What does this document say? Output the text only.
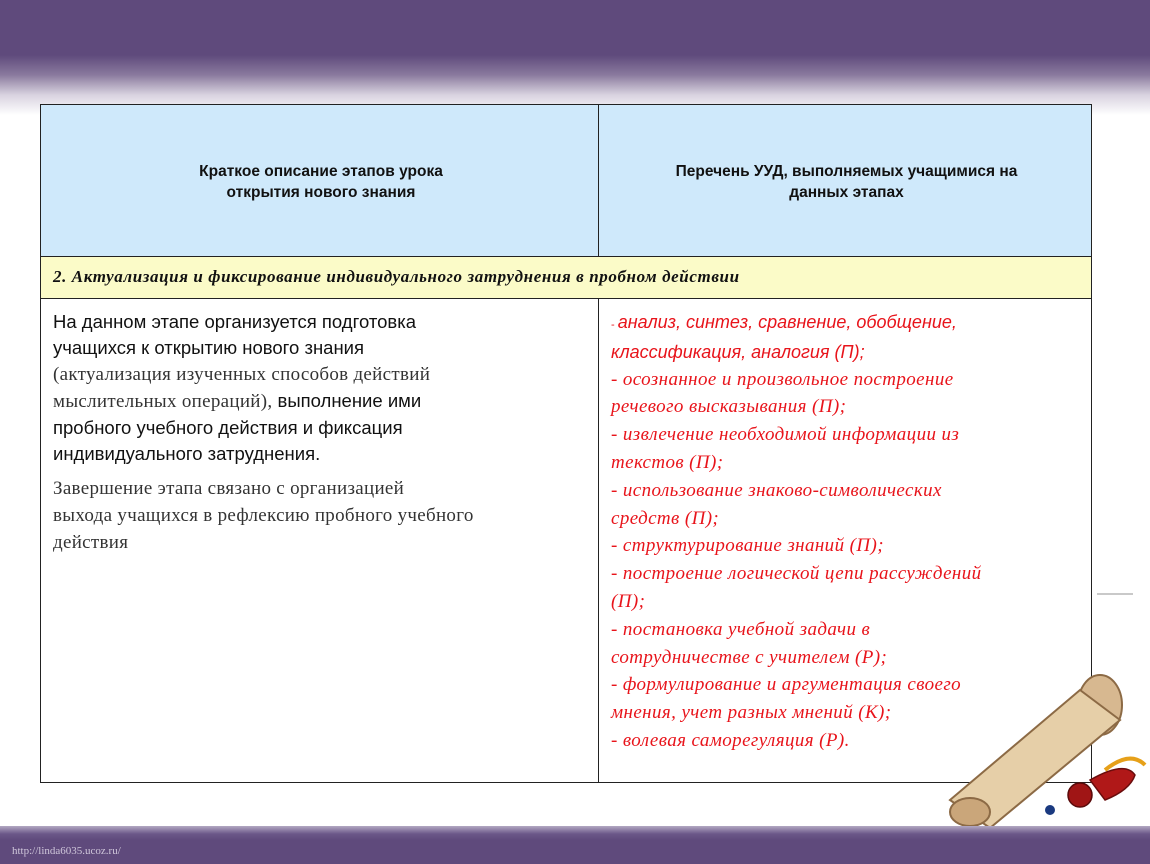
Краткое описание этапов урока
открытия нового знания
Перечень УУД, выполняемых учащимися на
данных этапах
2. Актуализация и фиксирование индивидуального затруднения в пробном действии
На данном этапе организуется подготовка
учащихся к открытию нового знания
(актуализация изученных способов действий
мыслительных операций), выполнение ими
пробного учебного действия и фиксация
индивидуального затруднения.
Завершение этапа связано с организацией
выхода учащихся в рефлексию пробного учебного
действия
- анализ, синтез, сравнение, обобщение,
классификация, аналогия (П);
- осознанное и произвольное построение
речевого высказывания (П);
- извлечение необходимой информации из
текстов (П);
- использование знаково-символических
средств (П);
- структурирование знаний (П);
- построение логической цепи рассуждений
(П);
- постановка учебной задачи в
сотрудничестве с учителем (Р);
- формулирование и аргументация своего
мнения, учет разных мнений (К);
- волевая саморегуляция (Р).
http://linda6035.ucoz.ru/
